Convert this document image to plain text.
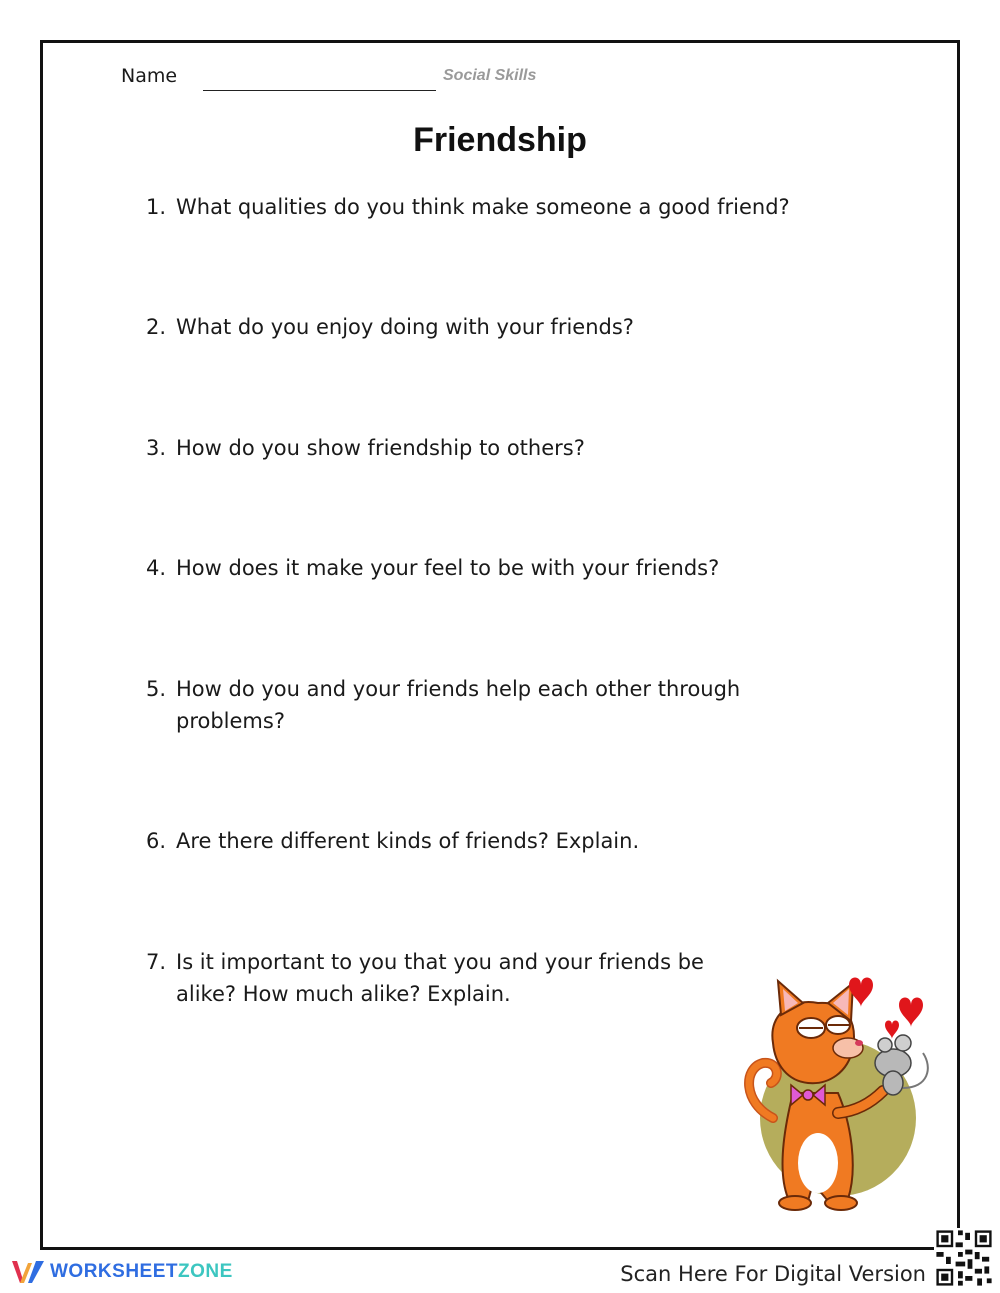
Name	Social Skills
Friendship
1. What qualities do you think make someone a good friend?
2. What do you enjoy doing with your friends?
3. How do you show friendship to others?
4. How does it make your feel to be with your friends?
5. How do you and your friends help each other through problems?
6. Are there different kinds of friends? Explain.
7. Is it important to you that you and your friends be alike? How much alike? Explain.
WORKSHEETZONE	Scan Here For Digital Version
